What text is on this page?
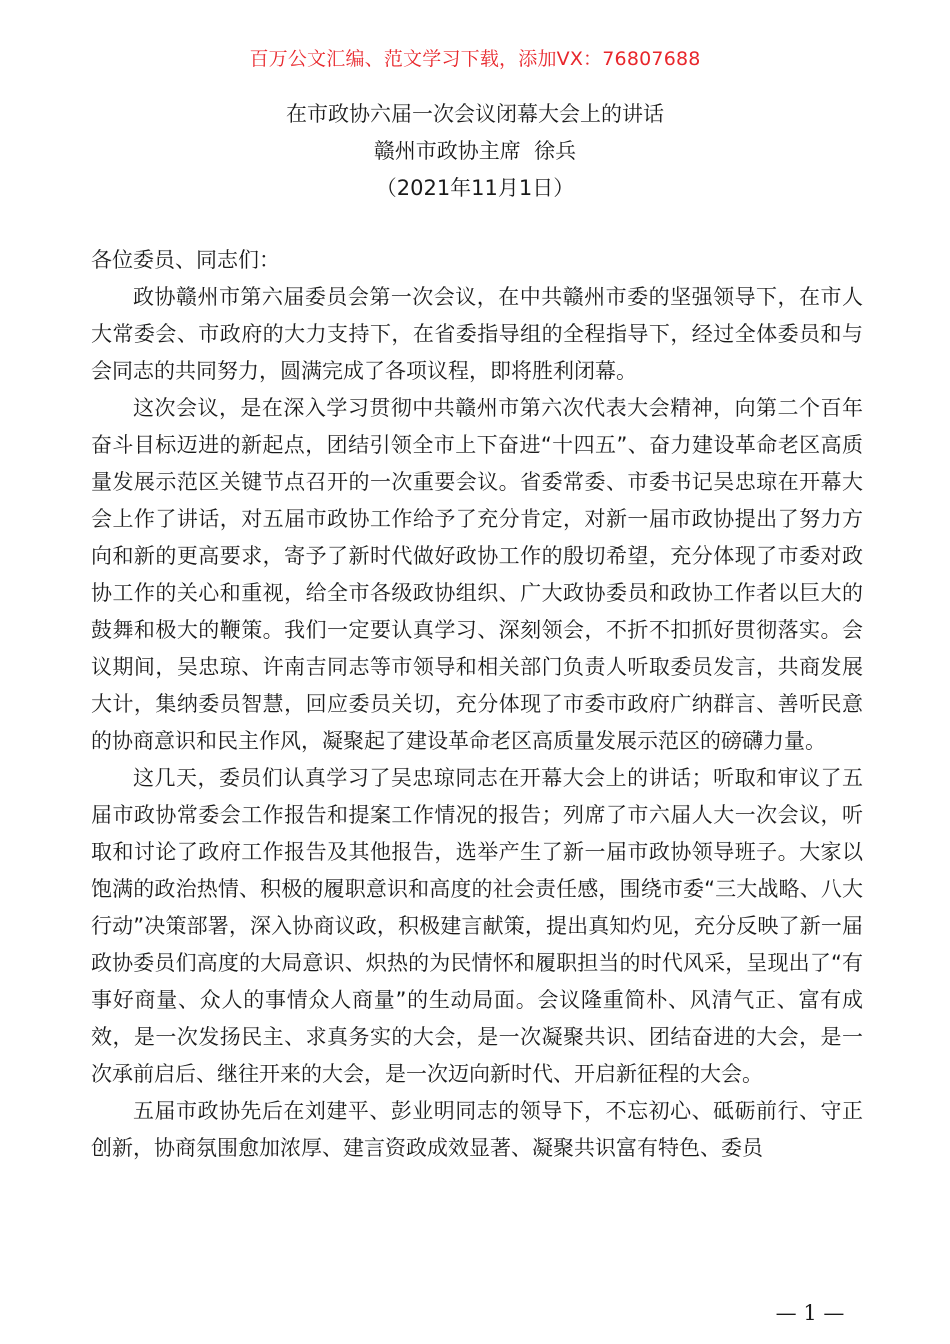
百万公文汇编、范文学习下载，添加VX：76807688
在市政协六届一次会议闭幕大会上的讲话
赣州市政协主席  徐兵
（2021年11月1日）

各位委员、同志们：

政协赣州市第六届委员会第一次会议，在中共赣州市委的坚强领导下，在市人大常委会、市政府的大力支持下，在省委指导组的全程指导下，经过全体委员和与会同志的共同努力，圆满完成了各项议程，即将胜利闭幕。

这次会议，是在深入学习贯彻中共赣州市第六次代表大会精神，向第二个百年奋斗目标迈进的新起点，团结引领全市上下奋进“十四五”、奋力建设革命老区高质量发展示范区关键节点召开的一次重要会议。省委常委、市委书记吴忠琼在开幕大会上作了讲话，对五届市政协工作给予了充分肯定，对新一届市政协提出了努力方向和新的更高要求，寄予了新时代做好政协工作的殷切希望，充分体现了市委对政协工作的关心和重视，给全市各级政协组织、广大政协委员和政协工作者以巨大的鼓舞和极大的鞭策。我们一定要认真学习、深刻领会，不折不扣抓好贯彻落实。会议期间，吴忠琼、许南吉同志等市领导和相关部门负责人听取委员发言，共商发展大计，集纳委员智慧，回应委员关切，充分体现了市委市政府广纳群言、善听民意的协商意识和民主作风，凝聚起了建设革命老区高质量发展示范区的磅礴力量。

这几天，委员们认真学习了吴忠琼同志在开幕大会上的讲话；听取和审议了五届市政协常委会工作报告和提案工作情况的报告；列席了市六届人大一次会议，听取和讨论了政府工作报告及其他报告，选举产生了新一届市政协领导班子。大家以饱满的政治热情、积极的履职意识和高度的社会责任感，围绕市委“三大战略、八大行动”决策部署，深入协商议政，积极建言献策，提出真知灼见，充分反映了新一届政协委员们高度的大局意识、炽热的为民情怀和履职担当的时代风采，呈现出了“有事好商量、众人的事情众人商量”的生动局面。会议隆重简朴、风清气正、富有成效，是一次发扬民主、求真务实的大会，是一次凝聚共识、团结奋进的大会，是一次承前启后、继往开来的大会，是一次迈向新时代、开启新征程的大会。

五届市政协先后在刘建平、彭业明同志的领导下，不忘初心、砥砺前行、守正创新，协商氛围愈加浓厚、建言资政成效显著、凝聚共识富有特色、委员

— 1 —
